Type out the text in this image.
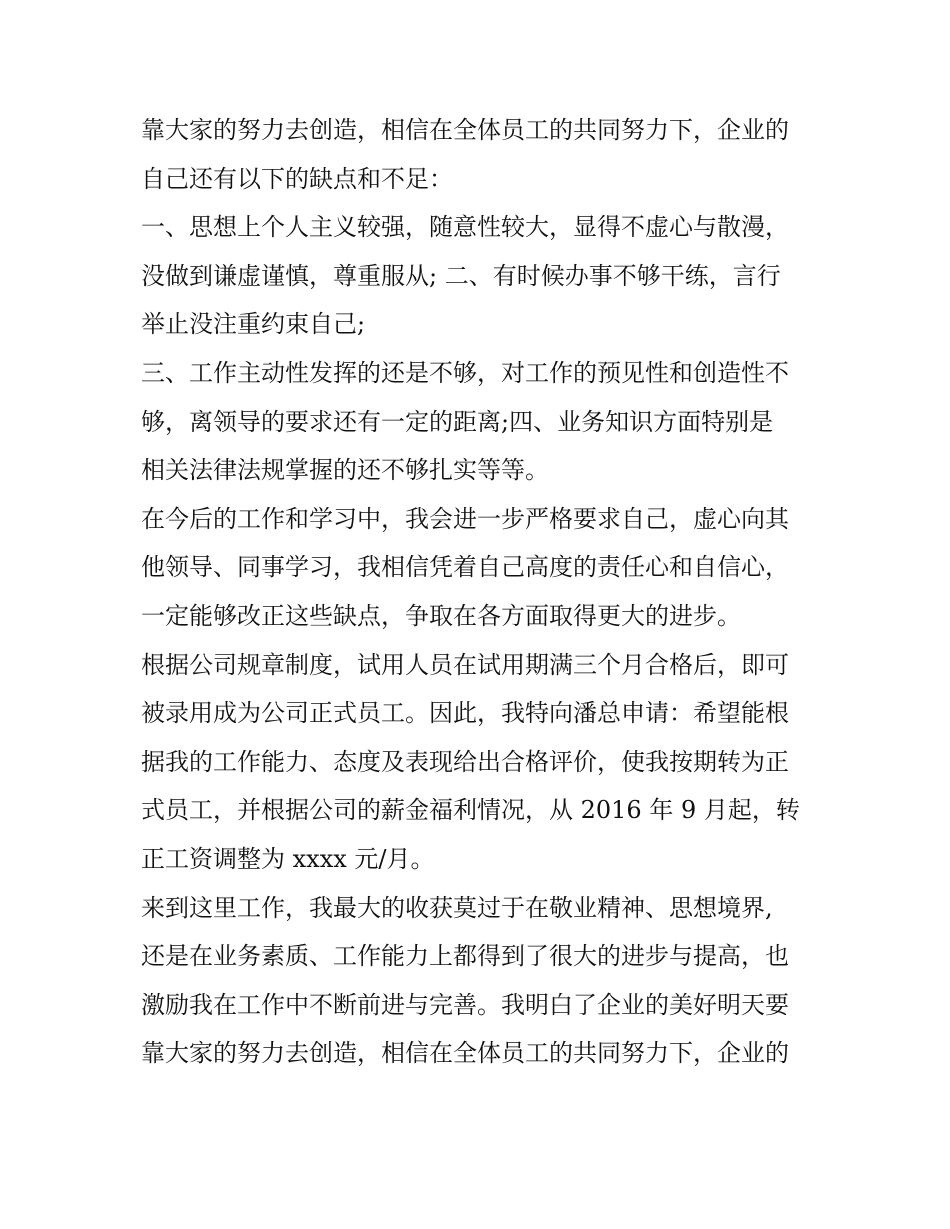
靠大家的努力去创造，相信在全体员工的共同努力下，企业的
自己还有以下的缺点和不足：
一、思想上个人主义较强，随意性较大，显得不虚心与散漫，
没做到谦虚谨慎，尊重服从; 二、有时候办事不够干练，言行
举止没注重约束自己;
三、工作主动性发挥的还是不够，对工作的预见性和创造性不
够，离领导的要求还有一定的距离;四、业务知识方面特别是
相关法律法规掌握的还不够扎实等等。
在今后的工作和学习中，我会进一步严格要求自己，虚心向其
他领导、同事学习，我相信凭着自己高度的责任心和自信心，
一定能够改正这些缺点，争取在各方面取得更大的进步。
根据公司规章制度，试用人员在试用期满三个月合格后，即可
被录用成为公司正式员工。因此，我特向潘总申请：希望能根
据我的工作能力、态度及表现给出合格评价，使我按期转为正
式员工，并根据公司的薪金福利情况，从 2016 年 9 月起，转
正工资调整为 xxxx 元/月。
来到这里工作，我最大的收获莫过于在敬业精神、思想境界,
还是在业务素质、工作能力上都得到了很大的进步与提高，也
激励我在工作中不断前进与完善。我明白了企业的美好明天要
靠大家的努力去创造，相信在全体员工的共同努力下，企业的
